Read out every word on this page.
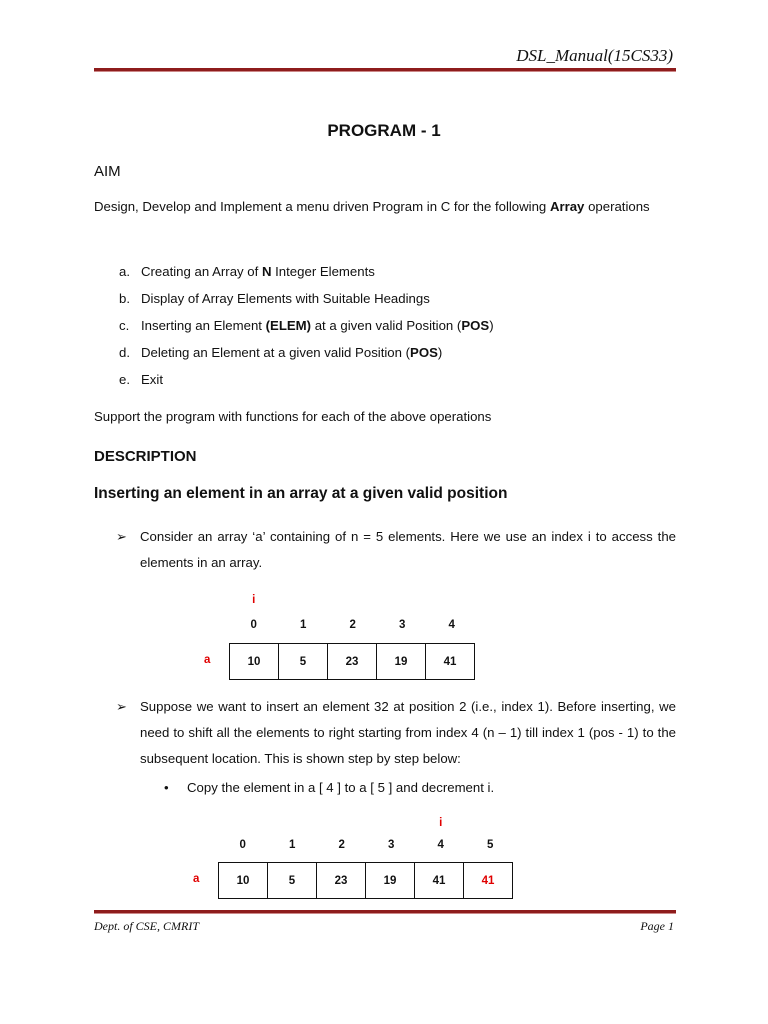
DSL_Manual(15CS33)
PROGRAM - 1
AIM
Design, Develop and Implement a menu driven Program in C for the following Array operations
a. Creating an Array of N Integer Elements
b. Display of Array Elements with Suitable Headings
c. Inserting an Element (ELEM) at a given valid Position (POS)
d. Deleting an Element at a given valid Position (POS)
e. Exit
Support the program with functions for each of the above operations
DESCRIPTION
Inserting an element in an array at a given valid position
➢ Consider an array ‘a’ containing of n = 5 elements. Here we use an index i to access the elements in an array.
i
0	1	2	3	4
a	10	5	23	19	41
➢ Suppose we want to insert an element 32 at position 2 (i.e., index 1). Before inserting, we need to shift all the elements to right starting from index 4 (n – 1) till index 1 (pos - 1) to the subsequent location. This is shown step by step below:
• Copy the element in a [ 4 ] to a [ 5 ] and decrement i.
i
0	1	2	3	4	5
a	10	5	23	19	41	41
Dept. of CSE, CMRIT	Page 1
